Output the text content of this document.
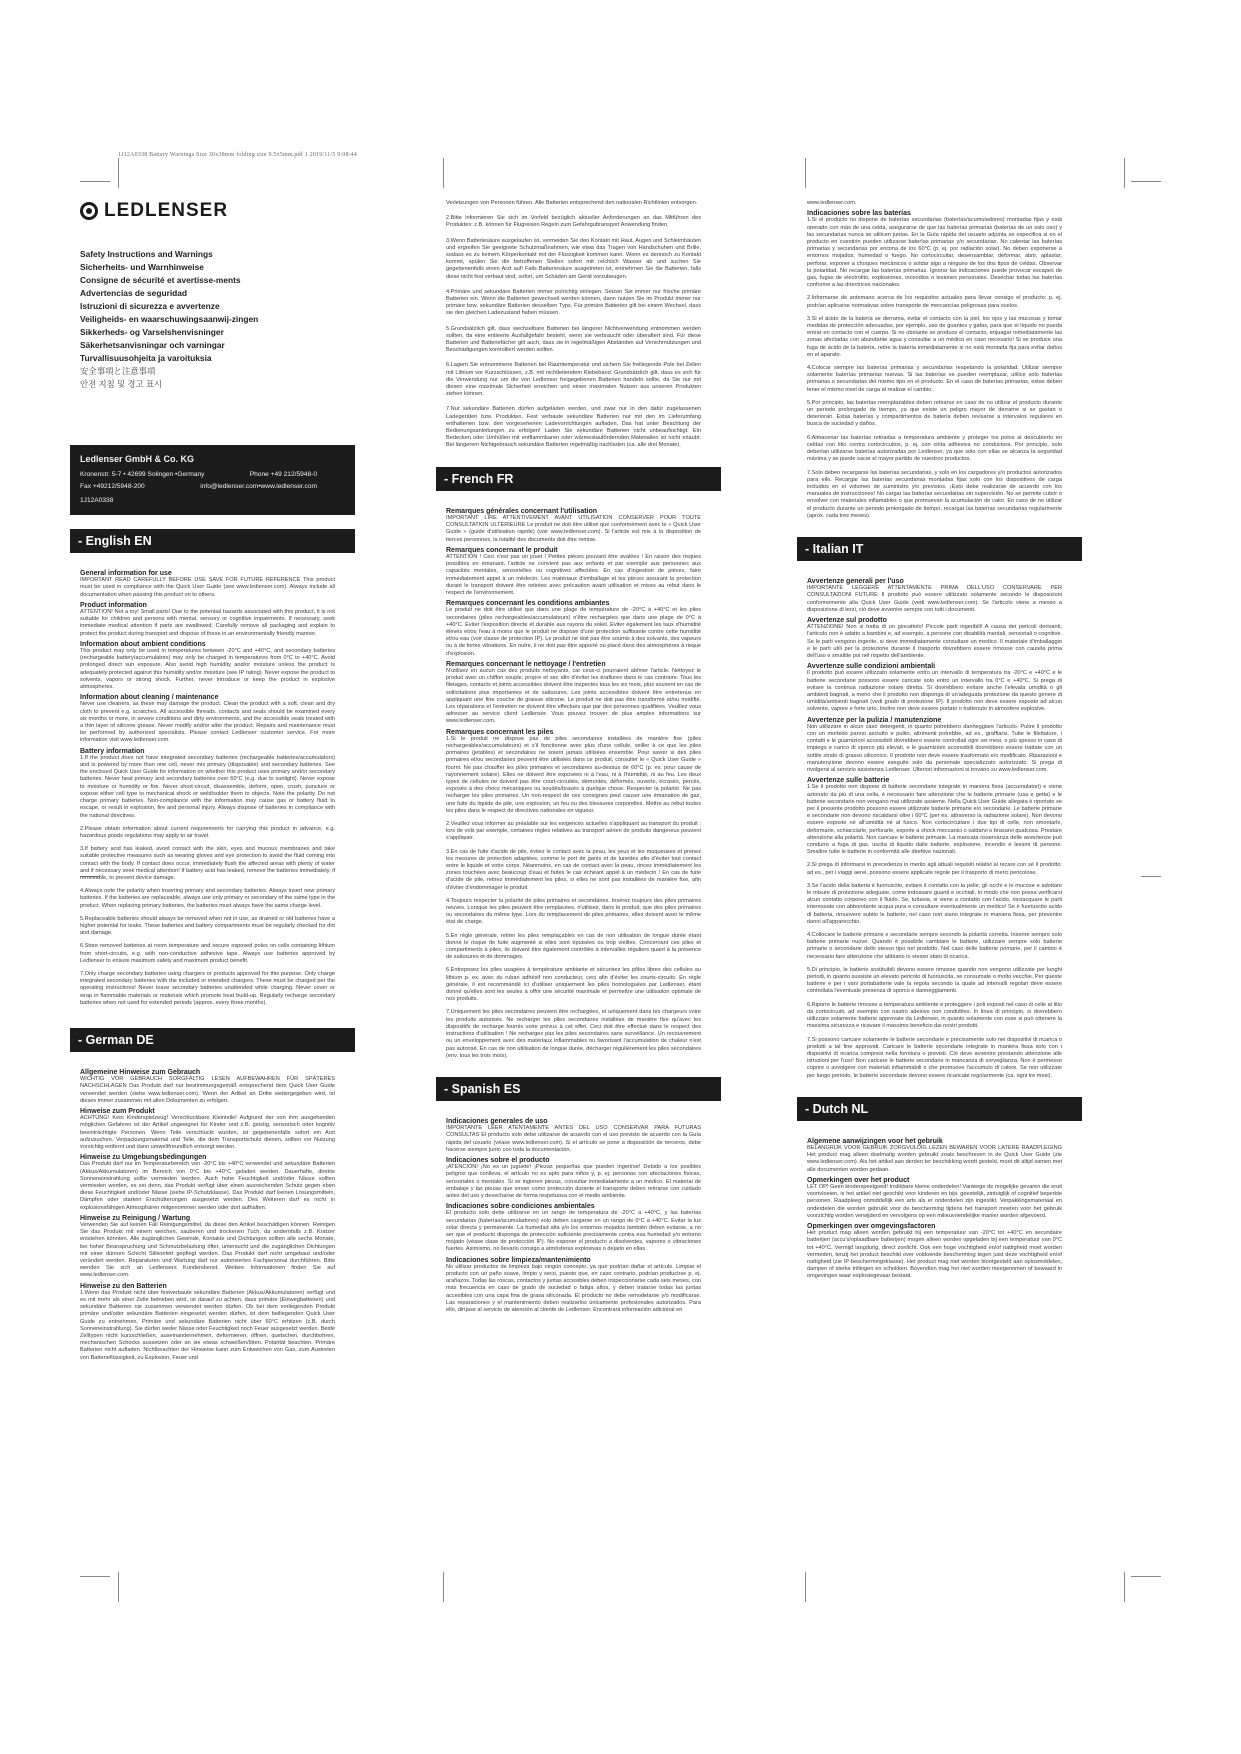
1J12A0338 Battery Warnings Size 30x38mm folding size 9.5x5mm.pdf 1 2019/11/5 9:08:44
LEDLENSER
Safety Instructions and Warnings
Sicherheits- und Warnhinweise
Consigne de sécurité et avertisse-ments
Advertencias de seguridad
Istruzioni di sicurezza e avvertenze
Veiligheids- en waarschuwingsaanwij-zingen
Sikkerheds- og Varselshenvisninger
Säkerhetsanvisningar och varningar
Turvallisuusohjeita ja varoituksia
安全事項と注意事項
안전 지침 및 경고 표시
Ledlenser GmbH & Co. KG
Kronenstr. 5-7 • 42699 Solingen •Germany	Phone +49 212/5948-0
Fax +49212/5948-200	info@ledlenser.com•www.ledlenser.com
1J12A0338
- English EN
General information for use

IMPORTANT READ CAREFULLY BEFORE USE SAVE FOR FUTURE REFERENCE This product must be used in compliance with the Quick User Guide (see www.ledlenser.com). Always include all documentation when passing this product on to others.

Product information

ATTENTION! Not a toy! Small parts! Due to the potential hazards associated with this product, it is not suitable for children and persons with mental, sensory or cognitive impairments. If necessary, seek immediate medical attention if parts are swallowed. Carefully remove all packaging and explain to protect the product during transport and dispose of these in an environmentally friendly manner.

Information about ambient conditions

This product may only be used in temperatures between -20°C and +40°C, and secondary batteries (rechargeable battery/accumulators) may only be charged in temperatures from 0°C to +40°C. Avoid prolonged direct sun exposure. Also avoid high humidity and/or moisture unless the product is adequately protected against this humidity and/or moisture (see IP rating). Never expose the product to solvents, vapors or strong shock. Further, never introduce or keep the product in explosive atmospheres.

Information about cleaning / maintenance

Never use cleaners, as these may damage the product. Clean the product with a soft, clean and dry cloth to prevent e.g. scratches. All accessible threads, contacts and seals should be examined every six months or more, in severe conditions and dirty environments, and the accessible seals treated with a thin layer of silicone grease. Never modify and/or alter the product. Repairs and maintenance must be performed by authorized specialists. Please contact Ledlenser customer service. For more information visit www.ledlenser.com.

Battery information

1.If the product does not have integrated secondary batteries (rechargeable batteries/accumulators) and is powered by more than one cell, never mix primary (disposable) and secondary batteries. See the enclosed Quick User Guide for information on whether this product uses primary and/or secondary batteries. Never heat primary and secondary batteries over 60°C (e.g. due to sunlight). Never expose to moisture or humidity or fire. Never short-circuit, disassemble, deform, open, crush, puncture or expose either cell type to mechanical shock or weld/solder them to objects. Note the polarity. Do not charge primary batteries. Non-compliance with the information may cause gas or battery fluid to escape, or result in explosion, fire and personal injury. Always dispose of batteries in compliance with the national directives.

2.Please obtain information about current requirements for carrying this product in advance, e.g. hazardous goods regulations may apply to air travel.

3.If battery acid has leaked, avoid contact with the skin, eyes and mucous membranes and take suitable protective measures such as wearing gloves and eye protection to avoid the fluid coming into contact with the body. If contact does occur, immediately flush the affected areas with plenty of water and if necessary seek medical attention! If battery acid has leaked, remove the batteries immediately, if removable, to prevent device damage.

4.Always note the polarity when inserting primary and secondary batteries. Always insert new primary batteries. If the batteries are replaceable, always use only primary or secondary of the same type in the product. When replacing primary batteries, the batteries must always have the same charge level.

5.Replaceable batteries should always be removed when not in use, as drained or old batteries have a higher potential for leaks. These batteries and battery compartments must be regularly checked for dirt and damage.

6.Store removed batteries at room temperature and secure exposed poles on cells containing lithium from short-circuits, e.g. with non-conductive adhesive tape. Always use batteries approved by Ledlenser to ensure maximum safety and maximum product benefit.

7.Only charge secondary batteries using chargers or products approved for this purpose. Only charge integrated secondary batteries with the included or intended chargers. These must be charged per the operating instructions! Never leave secondary batteries unattended while charging. Never cover or wrap in flammable materials or materials which promote heat build-up. Regularly recharge secondary batteries when not used for extended periods (approx. every three months).

- German DE
Allgemeine Hinweise zum Gebrauch

WICHTIG VOR GEBRAUCH SORGFÄLTIG LESEN AUFBEWAHREN FÜR SPÄTERES NACHSCHLAGEN Das Produkt darf nur bestimmungsgemäß entsprechend dem Quick User Guide verwendet werden (siehe www.ledlenser.com). Wenn der Artikel an Dritte weitergegeben wird, ist dieses immer zusammen mit allen Dokumenten zu erfolgen.

Hinweise zum Produkt

ACHTUNG! Kein Kinderspielzeug! Verschluckbare Kleinteile! Aufgrund der von ihm ausgehenden möglichen Gefahren ist der Artikel ungeeignet für Kinder und z.B. geistig, sensorisch oder kognitiv beeinträchtigte Personen. Wenn Teile verschluckt wurden, ist gegebenenfalls sofort ein Arzt aufzusuchen. Verpackungsmaterial und Teile, die dem Transportschutz dienen, sollten vor Nutzung vorsichtig entfernt und dann umweltfreundlich entsorgt werden.

Hinweise zu Umgebungsbedingungen

Das Produkt darf nur im Temperaturbereich von -20°C bis +40°C verwendet und sekundäre Batterien (Akkus/Akkumulatoren) im Bereich von 0°C bis +40°C geladen werden. Dauerhafte, direkte Sonneneinstrahlung sollte vermieden werden. Auch hohe Feuchtigkeit und/oder Nässe sollten vermieden werden, es sei denn, das Produkt verfügt über einen ausreichenden Schutz gegen eben diese Feuchtigkeit und/oder Nässe (siehe IP-Schutzklasse). Das Produkt darf keinen Lösungsmitteln, Dämpfen oder starken Erschütterungen ausgesetzt werden. Des Weiteren darf es nicht in explosionsfähigen Atmosphären mitgenommen werden oder dort aufhalten.

Hinweise zu Reinigung / Wartung

Verwenden Sie auf keinen Fall Reinigungsmittel, da diese den Artikel beschädigen können. Reinigen Sie das Produkt mit einem weichen, sauberen und trockenen Tuch, da andernfalls z.B. Kratzer entstehen könnten. Alle zugänglichen Gewinde, Kontakte und Dichtungen sollten alle sechs Monate, bei hoher Beanspruchung und Schmutzbelastung öfter, untersucht und die zugänglichen Dichtungen mit einer dünnen Schicht Silikonfett gepflegt werden. Das Produkt darf nicht umgebaut und/oder verändert werden. Reparaturen und Wartung darf nur autorisiertes Fachpersonal durchführen. Bitte wenden Sie sich an Ledlensers Kundendienst. Weitere Informationen finden Sie auf www.ledlenser.com.

Hinweise zu den Batterien

1.Wenn das Produkt nicht über festverbaute sekundäre Batterien (Akkus/Akkumulatoren) verfügt und es mit mehr als einer Zelle betrieben wird, ist darauf zu achten, dass primäre (Einwegbatterien) und sekundäre Batterien nie zusammen verwendet werden dürfen. Ob bei dem vorliegenden Produkt primäre und/oder sekundäre Batterien eingesetzt werden dürfen, ist dem beiliegenden Quick User Guide zu entnehmen. Primäre und sekundäre Batterien nicht über 60°C erhitzen (z.B. durch Sonneneinstrahlung). Sie dürfen weder Nässe oder Feuchtigkeit noch Feuer ausgesetzt werden. Beide Zelltypen nicht kurzschließen, auseinandernehmen, deformieren, öffnen, quetschen, durchbohren, mechanischen Schocks aussetzen oder an sie etwas schweißen/löten. Polarität beachten. Primäre Batterien nicht aufladen. Nichtbeachten der Hinweise kann zum Entweichen von Gas, zum Austreten von Batterieflüssigkeit, zu Explosion, Feuer und

Verletzungen von Personen führen. Alle Batterien entsprechend den nationalen Richtlinien entsorgen.

2.Bitte informieren Sie sich im Vorfeld bezüglich aktueller Anforderungen an das Mitführen des Produktes: z.B. können für Flugreisen Regeln zum Gefahrguttransport Anwendung finden.

3.Wenn Batteriesäure ausgelaufen ist, vermeiden Sie den Kontakt mit Haut, Augen und Schleimhäuten und ergreifen Sie geeignete Schutzmaßnahmen, wie etwa das Tragen von Handschuhen und Brille, sodass es zu keinem Körperkontakt mit der Flüssigkeit kommen kann. Wenn es dennoch zu Kontakt kommt, spülen Sie die betroffenen Stellen sofort mit reichlich Wasser ab und suchen Sie gegebenenfalls einen Arzt auf! Falls Batteriesäure ausgetreten ist, entnehmen Sie die Batterien, falls diese nicht fest verbaut sind, sofort, um Schäden am Gerät vorzubeugen.

4.Primäre und sekundäre Batterien immer polrichtig einlegen. Setzen Sie immer nur frische primäre Batterien ein. Wenn die Batterien gewechselt werden können, dann nutzen Sie im Produkt immer nur primäre bzw. sekundäre Batterien desselben Typs. Für primäre Batterien gilt bei einem Wechsel, dass sie den gleichen Ladezustand haben müssen.

5.Grundsätzlich gilt, dass wechselbare Batterien bei längerer Nichtverwendung entnommen werden sollten, da eine entleerte Ausfallgefahr besteht, wenn sie verbraucht oder überaltert sind. Für diese Batterien und Batteriefächer gilt auch, dass sie in regelmäßigen Abständen auf Verschmutzungen und Beschädigungen kontrolliert werden sollten.

6.Lagern Sie entnommene Batterien bei Raumtemperatur und sichern Sie freiliegende Pole bei Zellen mit Lithium vor Kurzschlüssen, z.B. mit nichtleitendem Klebeband. Grundsätzlich gilt, dass es sich für die Verwendung nur um die von Ledlenser freigegebenen Batterien handeln sollte, da Sie nur mit diesen eine maximale Sicherheit erreichen und einen maximalen Nutzen aus unseren Produkten ziehen können.

7.Nur sekundäre Batterien dürfen aufgeladen werden, und zwar nur in den dafür zugelassenen Ladegeräten bzw. Produkten. Fest verbaute sekundäre Batterien nur mit den im Lieferumfang enthaltenen bzw. den vorgesehenen Ladevorrichtungen aufladen. Das hat unter Beachtung der Bedienungsanleitungen zu erfolgen! Laden Sie sekundäre Batterien nicht unbeaufsichtigt. Ein Bedecken oder Umhüllen mit entflammbaren oder wärmestaufördernden Materialien ist nicht erlaubt. Bei längerem Nichtgebrauch sekundäre Batterien regelmäßig nachladen (ca. alle drei Monate).

- French FR
Remarques générales concernant l'utilisation

IMPORTANT LIRE ATTENTIVEMENT AVANT UTILISATION CONSERVER POUR TOUTE CONSULTATION ULTÉRIEURE Le produit ne doit être utilisé que conformément avec le « Quick User Guide » (guide d'utilisation rapide) (voir www.ledlenser.com). Si l'article est mis à la disposition de tierces personnes, la totalité des documents doit être remise.

Remarques concernant le produit

ATTENTION ! Ceci n'est pas un jouet ! Petites pièces pouvant être avalées ! En raison des risques possibles en émanant, l'article ne convient pas aux enfants et par exemple aux personnes aux capacités mentales, sensorielles ou cognitives affectées. En cas d'ingestion de pièces, faire immédiatement appel à un médecin. Les matériaux d'emballage et les pièces assurant la protection durant le transport doivent être retirées avec précaution avant utilisation et mises au rebut dans le respect de l'environnement.

Remarques concernant les conditions ambiantes

Le produit ne doit être utilisé que dans une plage de température de -20°C à +40°C et les piles secondaires (piles rechargeables/accumulateurs) n'être rechargées que dans une plage de 0°C à +40°C. Éviter l'exposition directe et durable aux rayons du soleil. Éviter également les taux d'humidité élevés et/ou l'eau à moins que le produit ne dispose d'une protection suffisante contre cette humidité et/ou eau (voir classe de protection IP). Le produit ne doit pas être soumis à des solvants, des vapeurs ou à de fortes vibrations. En outre, il ne doit pas être apporté ou placé dans des atmosphères à risque d'explosion.

Remarques concernant le nettoyage / l'entretien

N'utilisez en aucun cas des produits nettoyants, car ceux-ci pourraient abîmer l'article. Nettoyez le produit avec un chiffon souple, propre et sec afin d'éviter les éraflures dans le cas contraire. Tous les filetages, contacts et joints accessibles doivent être inspectés tous les six mois, plus souvent en cas de sollicitations plus importantes et de salissures. Les joints accessibles doivent être entretenus en appliquant une fine couche de graisse silicone. Le produit ne doit pas être transformé et/ou modifié. Les réparations et l'entretien ne doivent être effectués que par des personnes qualifiées. Veuillez vous adresser au service client Ledlenser. Vous pouvez trouver de plus amples informations sur www.ledlenser.com.

Remarques concernant les piles

1.Si le produit ne dispose pas de piles secondaires installées de manière fixe (piles rechargeables/accumulateurs) et s'il fonctionne avec plus d'une cellule, veiller à ce que les piles primaires (jetables) et secondaires ne soient jamais utilisées ensemble. Pour savoir si des piles primaires et/ou secondaires peuvent être utilisées dans ce produit, consulter le « Quick User Guide » fourni. Ne pas chauffer les piles primaires et secondaires au-dessus de 60°C (p. ex. pour cause de rayonnement solaire). Elles ne doivent être exposées ni à l'eau, ni à l'humidité, ni au feu. Les deux types de cellules ne doivent pas être court-circuités, démontés, déformés, ouverts, écrasés, percés, exposés à des chocs mécaniques ou soudés/brasés à quelque chose. Respecter la polarité. Ne pas recharger les piles primaires. Un non-respect de ces consignes peut causer une émanation de gaz, une fuite du liquide de pile, une explosion, un feu ou des blessures corporelles. Mettre au rebut toutes les piles dans le respect de directives nationales en vigueur.

2.Veuillez vous informer au préalable sur les exigences actuelles s'appliquant au transport du produit ; lors de vols par exemple, certaines règles relatives au transport aérien de produits dangereux peuvent s'appliquer.

3.En cas de fuite d'acide de pile, évitez le contact avec la peau, les yeux et les muqueuses et prenez les mesures de protection adaptées, comme le port de gants et de lunettes afin d'éviter tout contact entre le liquide et votre corps. Néanmoins, en cas de contact avec la peau, rincez immédiatement les zones touchées avec beaucoup d'eau et faites le cas échéant appel à un médecin ! En cas de fuite d'acide de pile, retirez immédiatement les piles, si elles ne sont pas installées de manière fixe, afin d'éviter d'endommager le produit.

4.Toujours respecter la polarité de piles primaires et secondaires. Insérez toujours des piles primaires neuves. Lorsque les piles peuvent être remplacées, n'utilisez, dans le produit, que des piles primaires ou secondaires du même type. Lors du remplacement de piles primaires, elles doivent avoir le même état de charge.

5.En règle générale, retirer les piles remplaçables en cas de non utilisation de longue durée étant donné le risque de fuite augmenté si elles sont épuisées ou trop vieilles. Concernant ces piles et compartiments à piles, ils doivent être également contrôlés à intervalles réguliers quant à la présence de salissures et de dommages.

6.Entreposez les piles usagées à température ambiante et sécurisez les pôles libres des cellules au lithium p. ex. avec du ruban adhésif non conducteur, ceci afin d'éviter les courts-circuits. En règle générale, il est recommandé ici d'utiliser uniquement les piles homologuées par Ledlenser, étant donné qu'elles sont les seules à offrir une sécurité maximale et permettre une utilisation optimale de nos produits.

7.Uniquement les piles secondaires peuvent être rechargées, et uniquement dans les chargeurs voire les produits autorisés. Ne recharger les piles secondaires installées de manière fixe qu'avec les dispositifs de recharge fournis voire prévus à cet effet. Ceci doit être effectué dans le respect des instructions d'utilisation ! Ne rechargez pas les piles secondaires sans surveillance. Un recouvrement ou un enveloppement avec des matériaux inflammables ou favorisant l'accumulation de chaleur n'est pas autorisé. En cas de non utilisation de longue durée, décharger régulièrement les piles secondaires (env. tous les trois mois).

- Spanish ES
Indicaciones generales de uso

IMPORTANTE LEER ATENTAMENTE ANTES DEL USO CONSERVAR PARA FUTURAS CONSULTAS El producto solo debe utilizarse de acuerdo con el uso previsto de acuerdo con la Guía rápida del usuario (véase www.ledlenser.com). Si el artículo se pone a disposición de terceros, debe hacerse siempre junto con toda la documentación.

Indicaciones sobre el producto

¡ATENCIÓN! ¡No es un juguete! ¡Piezas pequeñas que pueden ingerirse! Debido a los posibles peligros que conlleva, el artículo no es apto para niños y, p. ej. personas con afectaciones físicas, sensoriales o mentales. Si se ingieren piezas, consultar inmediatamente a un médico. El material de embalaje y las piezas que sirvan como protección durante el transporte deben retirarse con cuidado antes del uso y desecharse de forma respetuosa con el medio ambiente.

Indicaciones sobre condiciones ambientales

El producto solo debe utilizarse en un rango de temperatura de -20°C a +40°C, y las baterías secundarias (baterías/acumuladores) solo deben cargarse en un rango de 0°C a +40°C. Evitar la luz solar directa y permanente. La humedad alta y/o los entornos mojados también deben evitarse, a no ser que el producto disponga de protección suficiente precisamente contra esa humedad y/o entorno mojado (véase clase de protección IP). No exponer el producto a disolventes, vapores o vibraciones fuertes. Asimismo, no llevarlo consigo a atmósferas explosivas o dejarlo en ellas.

Indicaciones sobre limpieza/mantenimiento

No utilizar productos de limpieza bajo ningún concepto, ya que podrían dañar el artículo. Limpiar el producto con un paño suave, limpio y seco, puesto que, en caso contrario, podrían producirse p. ej. arañazos. Todas las roscas, contactos y juntas accesibles deben inspeccionarse cada seis meses, con más frecuencia en caso de grado de suciedad o fatiga altos, y deben tratarse todas las juntas accesibles con una capa fina de grasa silicónada. El producto no debe remodelarse y/o modificarse. Las reparaciones y el mantenimiento deben realizarlos únicamente profesionales autorizados. Para ello, diríjase al servicio de atención al cliente de Ledlenser. Encontrará información adicional en

www.ledlenser.com.

Indicaciones sobre las baterías

1.Si el producto no dispone de baterías secundarias (baterías/acumuladores) montadas fijas y está operado con más de una celda, asegurarse de que las baterías primarias (baterías de un solo uso) y las secundarias nunca se utilicen juntas. En la Guía rápida del usuario adjunta se especifica si en el producto en cuestión pueden utilizarse baterías primarias y/o secundarias. No calentar las baterías primarias y secundarias por encima de los 60°C (p. ej. por radiación solar). No deben exponerse a entornos mojados, humedad o fuego. No cortocircuitar, desensamblar, deformar, abrir, aplastar, perforar, exponer a choques mecánicos o soldar algo a ninguno de los dos tipos de celdas. Observar la polaridad. No recargar las baterías primarias. Ignorar las indicaciones puede provocar escapes de gas, fugas de electrolito, explosiones, incendios o lesiones personales. Desechar todas las baterías conforme a las directrices nacionales.

2.Informarse de antemano acerca de los requisitos actuales para llevar consigo el producto: p. ej. podrían aplicarse normativas sobre transporte de mercancías peligrosas para vuelos.

3.Si el ácido de la batería se derrama, evitar el contacto con la piel, los ojos y las mucosas y tomar medidas de protección adecuadas, por ejemplo, uso de guantes y gafas, para que el líquido no pueda entrar en contacto con el cuerpo. Si no obstante se produce el contacto, enjuagar inmediatamente las zonas afectadas con abundante agua y consultar a un médico en caso necesario! Si se produce una fuga de ácido de la batería, retire la batería inmediatamente si no está montada fija para evitar daños en el aparato.

4.Colocar siempre las baterías primarias y secundarias respetando la polaridad. Utilizar siempre solamente baterías primarias nuevas. Si las baterías se pueden reemplazar, utilice solo baterías primarias o secundarias del mismo tipo en el producto. En el caso de baterías primarias, estas deben tener el mismo nivel de carga al realizar el cambio.

5.Por principio, las baterías reemplazables deben retirarse en caso de no utilizar el producto durante un periodo prolongado de tiempo, ya que existe un peligro mayor de derrame si se gastan o deterioran. Estas baterías y compartimentos de batería deben revisarse a intervalos regulares en busca de suciedad y daños.

6.Almacenar las baterías retiradas a temperatura ambiente y proteger los polos al descubierto en celdas con litio contra cortocircuitos, p. ej. con cinta adhesiva no conductora. Por principio, solo deberían utilizarse baterías autorizadas por Ledlenser, ya que solo con ellas se alcanza la seguridad máxima y se puede sacar el mayor partido de nuestros productos.

7.Solo deben recargarse las baterías secundarias, y solo en los cargadores y/o productos autorizados para ello. Recargar las baterías secundarias montadas fijas solo con los dispositivos de carga incluidos en el volumen de suministro y/o previstos. ¡Esto debe realizarse de acuerdo con los manuales de instrucciones! No cargar las baterías secundarias sin supervisión. No se permite cubrir o envolver con materiales inflamables o que promuevan la acumulación de calor. En caso de no utilizar el producto durante un periodo prolongado de tiempo, recargar las baterías secundarias regularmente (aprox. cada tres meses).

- Italian IT
Avvertenze generali per l'uso

IMPORTANTE LEGGERE ATTENTAMENTE PRIMA DELL'USO CONSERVARE PER CONSULTAZIONI FUTURE Il prodotto può essere utilizzato solamente secondo le disposizioni conformemente alla Quick User Guide (vedi www.ledlenser.com). Se l'articolo viene a messo a disposizione di terzi, ciò deve avvenire sempre con tutti i documenti.

Avvertenze sul prodotto

ATTENZIONE! Non si tratta di un giocattolo! Piccole parti ingeribili! A causa dei pericoli derivanti, l'articolo non è adatto a bambini e, ad esempio, a persone con disabilità mentali, sensoriali o cognitive. Se le parti vengono ingerite, si deve immediatamente consultare un medico. Il materiale d'imballaggio e le parti utili per la protezione durante il trasporto dovrebbero essere rimosse con cautela prima dell'uso e smaltite poi nel rispetto dell'ambiente.

Avvertenze sulle condizioni ambientali

Il prodotto può essere utilizzato solamente entro un intervallo di temperatura tra -20°C e +40°C e le batterie secondarie possono essere caricate solo entro un intervallo tra 0°C e +40°C. Si prega di evitare la continua radiazione solare diretta. Si dovrebbero evitare anche l'elevata umidità o gli ambienti bagnati, a meno che il prodotto non disponga di un'adeguata protezione da questo genere di umidità/ambienti bagnati (vedi grado di protezione IP). Il prodotto non deve essere esposto ad alcun solvente, vapore e forte urto. Inoltre non deve essere portato o trattenuto in atmosfere esplosive.

Avvertenze per la pulizia / manutenzione

Non utilizzare in alcun caso detergenti, in quanto potrebbero danneggiare l'articolo. Pulire il prodotto con un morbido panno asciutto e pulito, altrimenti potrebbe, ad es., graffiarsi. Tutte le filettature, i contatti e le guarnizioni accessibili dovrebbero essere controllati ogni sei mesi, o più spesso in caso di impiego e carico di sporco più elevati, e le guarnizioni accessibili dovrebbero essere trattate con un sottile strato di grasso siliconico. Il prodotto non deve essere trasformato e/o modificato. Riparazioni e manutenzione devono essere eseguite solo da personale specializzato autorizzato. Si prega di rivolgersi al servizio assistenza Ledlenser. Ulteriori informazioni si trovano su www.ledlenser.com.

Avvertenze sulle batterie

1.Se il prodotto non dispone di batterie secondarie integrate in maniera fissa (accumulatori) e viene azionato da più di una cella, è necessario fare attenzione che le batterie primarie (usa e getta) e le batterie secondarie non vengano mai utilizzate assieme. Nella Quick User Guide allegata è riportato se per il presente prodotto possono essere utilizzate batterie primarie e/o secondarie. Le batterie primarie e secondarie non devono riscaldarsi oltre i 60°C (per es. attraverso la radiazione solare). Non devono essere esposte né all'umidità né al fuoco. Non cortocircuitare i due tipi di celle, non smontarle, deformarle, schiacciarle, perforarle, esporle a shock meccanici o saldarvi o brasarvi qualcosa. Prestare attenzione alla polarità. Non caricare le batterie primarie. La mancata osservanza delle avvertenze può condurre a fuga di gas, uscita di liquido dalle batterie, esplosione, incendio e lesioni di persone. Smaltire tutte le batterie in conformità alle direttive nazionali.

2.Si prega di informarsi in precedenza in merito agli attuali requisiti relativi al recare con sé il prodotto: ad es., per i viaggi aerei, possono essere applicate regole per il trasporto di merci pericolose.

3.Se l'acido della batteria è fuoriuscito, evitare il contatto con la pelle, gli occhi e le mucose e adottare le misure di protezione adeguate, come indossare guanti e occhiali, in modo che non possa verificarsi alcun contatto corporeo con il fluido. Se, tuttavia, si viene a contatto con l'acido, risciacquare le parti interessate con abbondante acqua pura e consultare eventualmente un medico! Se è fuoriuscito acido di batteria, rimuovere subito le batterie, nel caso non siano integrate in maniera fissa, per prevenire danni all'apparecchio.

4.Collocare le batterie primarie e secondarie sempre secondo la polarità corretta. Inserire sempre solo batterie primarie nuove. Quando è possibile cambiare le batterie, utilizzare sempre solo batterie primarie o secondarie dello stesso tipo nel prodotto. Nel caso delle batterie primarie, per il cambio è necessario fare attenzione che abbiano lo stesso stato di ricarica.

5.Di principio, le batterie sostituibili devono essere rimosse quando non vengono utilizzate per lunghi periodi, in quanto sussiste un elevato pericolo di fuoriuscita, se consumate o molto vecchie. Per queste batterie e per i vani portabatterie vale la regola secondo la quale ad intervalli regolari deve essere controllata l'eventuale presenza di sporco e danneggiamenti.

6.Riporre le batterie rimosse a temperatura ambiente e proteggere i poli esposti nel caso di celle al litio da cortocircuiti, ad esempio con nastro adesivo non conduttivo. In linea di principio, si dovrebbero utilizzare solamente batterie approvate da Ledlenser, in quanto solamente con esse si può ottenere la massima sicurezza e ricavare il massimo beneficio dai nostri prodotti.

7.Si possono caricare solamente le batterie secondarie e precisamente solo nei dispositivi di ricarica o prodotti a tal fine approvati. Caricare le batterie secondarie integrate in maniera fissa solo con i dispositivi di ricarica compresi nella fornitura o previsti. Ciò deve avvenire prestando attenzione alle istruzioni per l'uso! Non caricare le batterie secondarie in mancanza di sorveglianza. Non è permesso coprire o avvolgere con materiali infiammabili o che promuove l'accumulo di calore. Se non utilizzate per lungo periodo, le batterie secondarie devono essere ricaricate regolarmente (ca. ogni tre mesi).

- Dutch NL
Algemene aanwijzingen voor het gebruik

BELANGRIJK VOOR GEBRUIK ZORGVULDIG LEZEN BEWAREN VOOR LATERE RAADPLEGING Het product mag alleen doelmatig worden gebruikt zoals beschreven in de Quick User Guide (zie www.ledlenser.com). Als het artikel aan derden ter beschikking wordt gesteld, moet dit altijd samen met alle documenten worden gedaan.

Opmerkingen over het product

LET OP! Geen kinderspeelgoed! Inslikbare kleine onderdelen! Vanwege de mogelijke gevaren die eruit voortvloeien, is het artikel niet geschikt voor kinderen en bijv. geestelijk, zintuiglijk of cognitief beperkte personen. Raadpleeg onmiddellijk een arts als er onderdelen zijn ingeslikt. Verpakkingsmateriaal en onderdelen die worden gebruikt voor de bescherming tijdens het transport moeten voor het gebruik voorzichtig worden verwijderd en vervolgens op een milieuvriendelijke manier worden afgevoerd.

Opmerkingen over omgevingsfactoren

Het product mag alleen worden gebruikt bij een temperatuur van -20°C tot +40°C en secundaire batterijen (accu's/oplaadbare batterijen) mogen alleen worden opgeladen bij een temperatuur van 0°C tot +40°C. Vermijd langdurig, direct zonlicht. Ook een hoge vochtigheid en/of nattigheid moet worden vermeden, tenzij het product beschikt over voldoende bescherming tegen juist deze vochtigheid en/of nattigheid (zie IP-beschermingsklasse). Het product mag niet worden blootgesteld aan oplosmiddelen, dampen of sterke trillingen en schokken. Bovendien mag het niet worden meegenomen of bewaard in omgevingen waar explosiegevaar bestaat.
